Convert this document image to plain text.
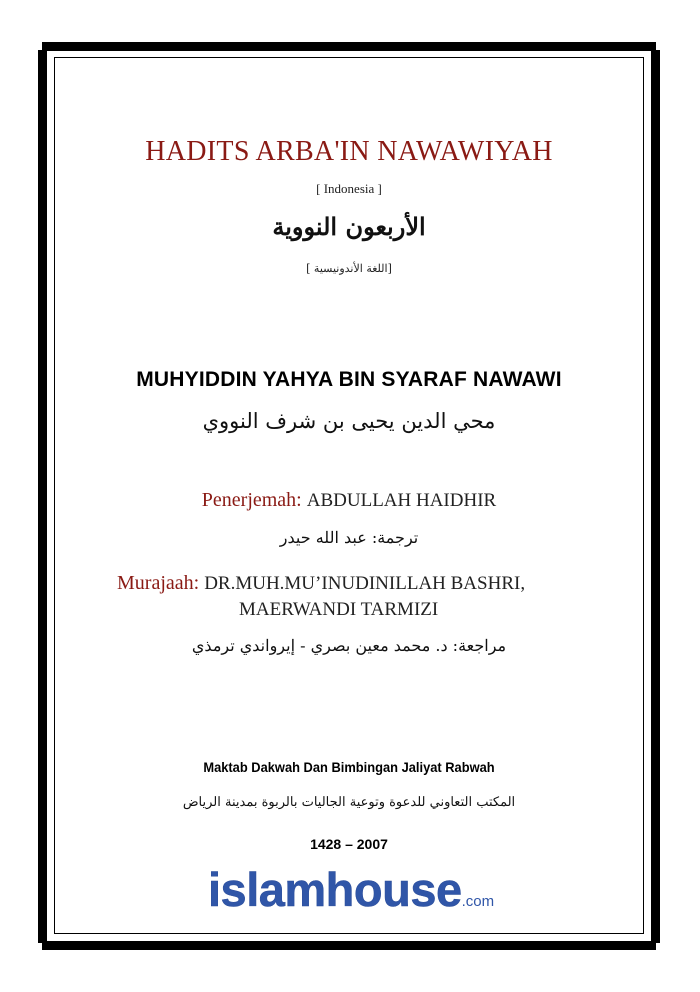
HADITS ARBA'IN NAWAWIYAH
[ Indonesia ]
الأربعون النووية
[اللغة الأندونيسية ]
MUHYIDDIN YAHYA BIN SYARAF NAWAWI
محي الدين يحيى بن شرف النووي
Penerjemah: ABDULLAH HAIDHIR
ترجمة: عبد الله حيدر
Murajaah: DR.MUH.MU’INUDINILLAH BASHRI,
MAERWANDI TARMIZI
مراجعة: د. محمد معين بصري - إيرواندي ترمذي
Maktab Dakwah Dan Bimbingan Jaliyat Rabwah
المكتب التعاوني للدعوة وتوعية الجاليات بالربوة بمدينة الرياض
1428 – 2007
islamhouse.com
